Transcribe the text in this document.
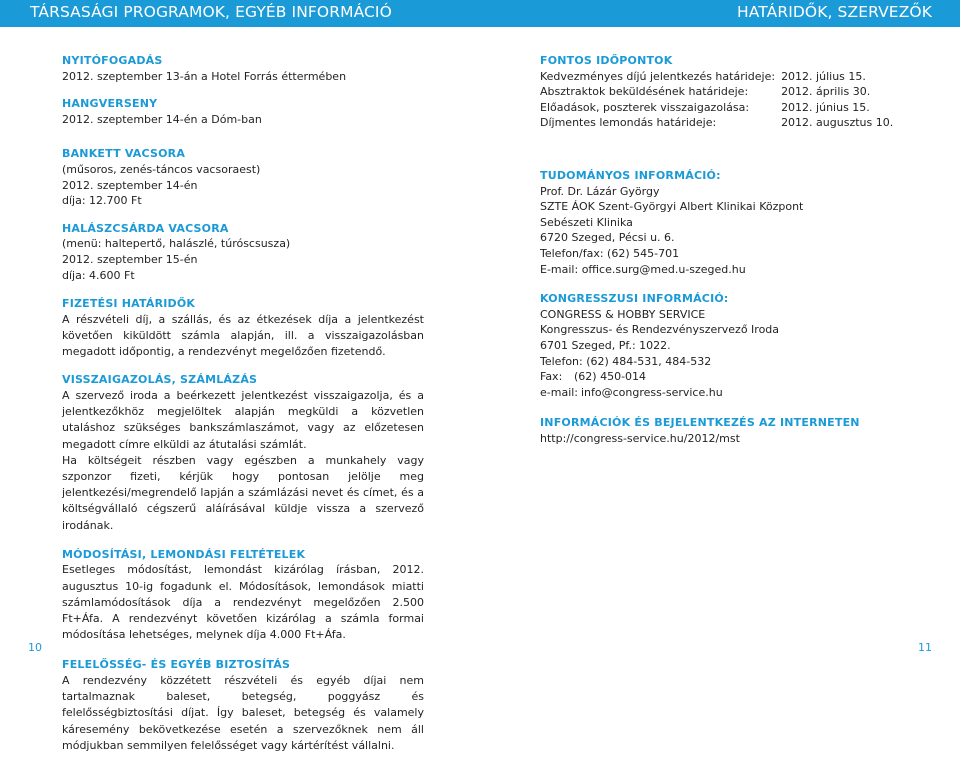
TÁRSASÁGI PROGRAMOK, EGYÉB INFORMÁCIÓ	HATÁRIDŐK, SZERVEZŐK
NYITÓFOGADÁS
2012. szeptember 13-án a Hotel Forrás éttermében
HANGVERSENY
2012. szeptember 14-én a Dóm-ban
BANKETT VACSORA
(műsoros, zenés-táncos vacsoraest)
2012. szeptember 14-én
díja: 12.700 Ft
HALÁSZCSÁRDA VACSORA
(menü: haltepertő, halászlé, túróscsusza)
2012. szeptember 15-én
díja: 4.600 Ft
FIZETÉSI HATÁRIDŐK
A részvételi díj, a szállás, és az étkezések díja a jelentkezést követően kiküldött számla alapján, ill. a visszaigazolásban megadott időpontig, a rendezvényt megelőzően fizetendő.
VISSZAIGAZOLÁS, SZÁMLÁZÁS
A szervező iroda a beérkezett jelentkezést visszaigazolja, és a jelentkezőkhöz megjelöltek alapján megküldi a közvetlen utaláshoz szükséges bankszámlaszámot, vagy az előzetesen megadott címre elküldi az átutalási számlát.
Ha költségeit részben vagy egészben a munkahely vagy szponzor fizeti, kérjük hogy pontosan jelölje meg jelentkezési/megrendelő lapján a számlázási nevet és címet, és a költségvállaló cégszerű aláírásával küldje vissza a szervező irodának.
MÓDOSÍTÁSI, LEMONDÁSI FELTÉTELEK
Esetleges módosítást, lemondást kizárólag írásban, 2012. augusztus 10-ig fogadunk el. Módosítások, lemondások miatti számlamódosítások díja a rendezvényt megelőzően 2.500 Ft+Áfa. A rendezvényt követően kizárólag a számla formai módosítása lehetséges, melynek díja 4.000 Ft+Áfa.
FELELŐSSÉG- ÉS EGYÉB BIZTOSÍTÁS
A rendezvény közzétett részvételi és egyéb díjai nem tartalmaznak baleset, betegség, poggyász és felelősségbiztosítási díjat. Így baleset, betegség és valamely káresemény bekövetkezése esetén a szervezőknek nem áll módjukban semmilyen felelősséget vagy kártérítést vállalni.
FONTOS IDŐPONTOK
Kedvezményes díjú jelentkezés határideje:	2012. július 15.
Absztraktok beküldésének határideje:	2012. április 30.
Előadások, poszterek visszaigazolása:	2012. június 15.
Díjmentes lemondás határideje:	2012. augusztus 10.
TUDOMÁNYOS INFORMÁCIÓ:
Prof. Dr. Lázár György
SZTE ÁOK Szent-Györgyi Albert Klinikai Központ
Sebészeti Klinika
6720 Szeged, Pécsi u. 6.
Telefon/fax: (62) 545-701
E-mail: office.surg@med.u-szeged.hu
KONGRESSZUSI INFORMÁCIÓ:
CONGRESS & HOBBY SERVICE
Kongresszus- és Rendezvényszervező Iroda
6701 Szeged, Pf.: 1022.
Telefon: (62) 484-531, 484-532
Fax: (62) 450-014
e-mail: info@congress-service.hu
INFORMÁCIÓK ÉS BEJELENTKEZÉS AZ INTERNETEN
http://congress-service.hu/2012/mst
10	11
